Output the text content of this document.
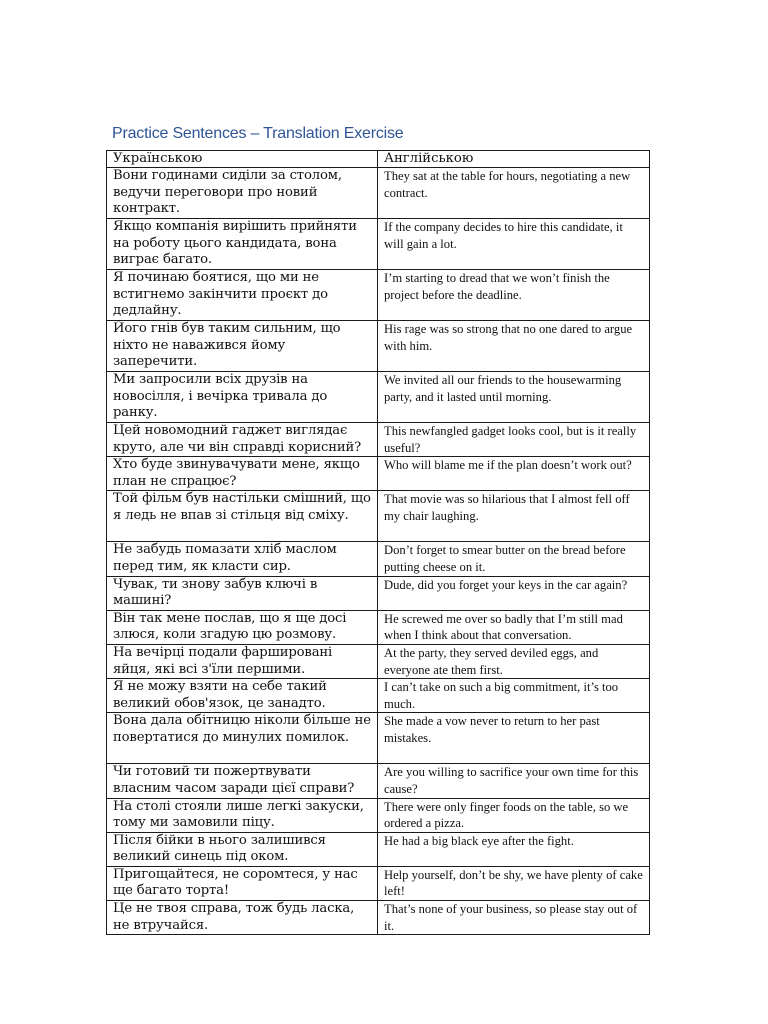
Practice Sentences – Translation Exercise
Українською	Англійською
Вони годинами сиділи за столом, ведучи переговори про новий контракт.	They sat at the table for hours, negotiating a new contract.
Якщо компанія вирішить прийняти на роботу цього кандидата, вона виграє багато.	If the company decides to hire this candidate, it will gain a lot.
Я починаю боятися, що ми не встигнемо закінчити проєкт до дедлайну.	I’m starting to dread that we won’t finish the project before the deadline.
Його гнів був таким сильним, що ніхто не наважився йому заперечити.	His rage was so strong that no one dared to argue with him.
Ми запросили всіх друзів на новосілля, і вечірка тривала до ранку.	We invited all our friends to the housewarming party, and it lasted until morning.
Цей новомодний гаджет виглядає круто, але чи він справді корисний?	This newfangled gadget looks cool, but is it really useful?
Хто буде звинувачувати мене, якщо план не спрацює?	Who will blame me if the plan doesn’t work out?
Той фільм був настільки смішний, що я ледь не впав зі стільця від сміху.	That movie was so hilarious that I almost fell off my chair laughing.
Не забудь помазати хліб маслом перед тим, як класти сир.	Don’t forget to smear butter on the bread before putting cheese on it.
Чувак, ти знову забув ключі в машині?	Dude, did you forget your keys in the car again?
Він так мене послав, що я ще досі злюся, коли згадую цю розмову.	He screwed me over so badly that I’m still mad when I think about that conversation.
На вечірці подали фаршировані яйця, які всі з'їли першими.	At the party, they served deviled eggs, and everyone ate them first.
Я не можу взяти на себе такий великий обов'язок, це занадто.	I can’t take on such a big commitment, it’s too much.
Вона дала обітницю ніколи більше не повертатися до минулих помилок.	She made a vow never to return to her past mistakes.
Чи готовий ти пожертвувати власним часом заради цієї справи?	Are you willing to sacrifice your own time for this cause?
На столі стояли лише легкі закуски, тому ми замовили піцу.	There were only finger foods on the table, so we ordered a pizza.
Після бійки в нього залишився великий синець під оком.	He had a big black eye after the fight.
Пригощайтеся, не соромтеся, у нас ще багато торта!	Help yourself, don’t be shy, we have plenty of cake left!
Це не твоя справа, тож будь ласка, не втручайся.	That’s none of your business, so please stay out of it.
